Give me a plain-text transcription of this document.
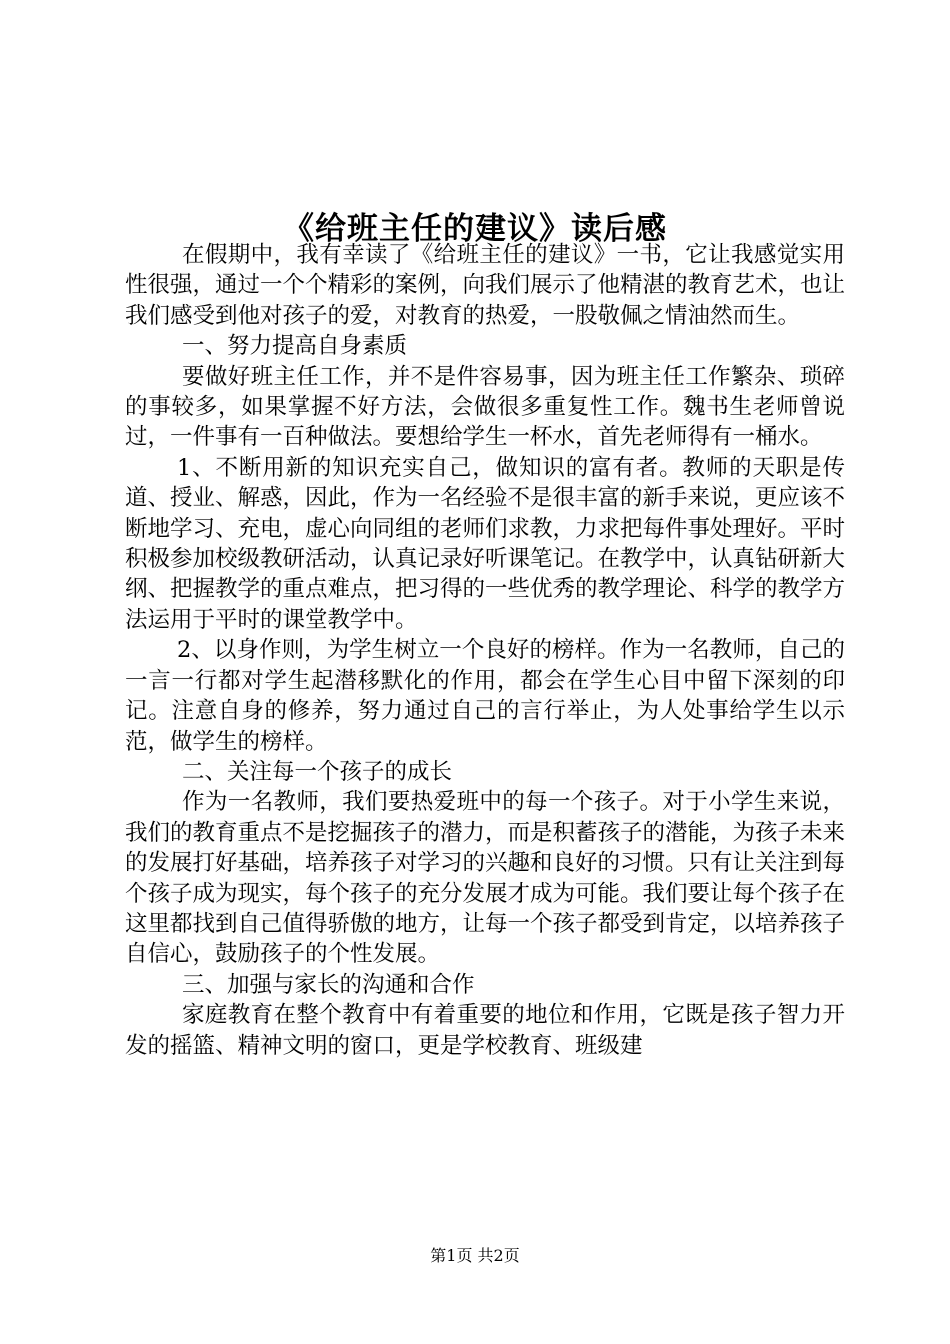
《给班主任的建议》读后感

在假期中，我有幸读了《给班主任的建议》一书，它让我感觉实用性很强，通过一个个精彩的案例，向我们展示了他精湛的教育艺术，也让我们感受到他对孩子的爱，对教育的热爱，一股敬佩之情油然而生。

一、努力提高自身素质

要做好班主任工作，并不是件容易事，因为班主任工作繁杂、琐碎的事较多，如果掌握不好方法，会做很多重复性工作。魏书生老师曾说过，一件事有一百种做法。要想给学生一杯水，首先老师得有一桶水。

1、不断用新的知识充实自己，做知识的富有者。教师的天职是传道、授业、解惑，因此，作为一名经验不是很丰富的新手来说，更应该不断地学习、充电，虚心向同组的老师们求教，力求把每件事处理好。平时积极参加校级教研活动，认真记录好听课笔记。在教学中，认真钻研新大纲、把握教学的重点难点，把习得的一些优秀的教学理论、科学的教学方法运用于平时的课堂教学中。

2、以身作则，为学生树立一个良好的榜样。作为一名教师，自己的一言一行都对学生起潜移默化的作用，都会在学生心目中留下深刻的印记。注意自身的修养，努力通过自己的言行举止，为人处事给学生以示范，做学生的榜样。

二、关注每一个孩子的成长

作为一名教师，我们要热爱班中的每一个孩子。对于小学生来说，我们的教育重点不是挖掘孩子的潜力，而是积蓄孩子的潜能，为孩子未来的发展打好基础，培养孩子对学习的兴趣和良好的习惯。只有让关注到每个孩子成为现实，每个孩子的充分发展才成为可能。我们要让每个孩子在这里都找到自己值得骄傲的地方，让每一个孩子都受到肯定，以培养孩子自信心，鼓励孩子的个性发展。

三、加强与家长的沟通和合作

家庭教育在整个教育中有着重要的地位和作用，它既是孩子智力开发的摇篮、精神文明的窗口，更是学校教育、班级建

第1页 共2页
